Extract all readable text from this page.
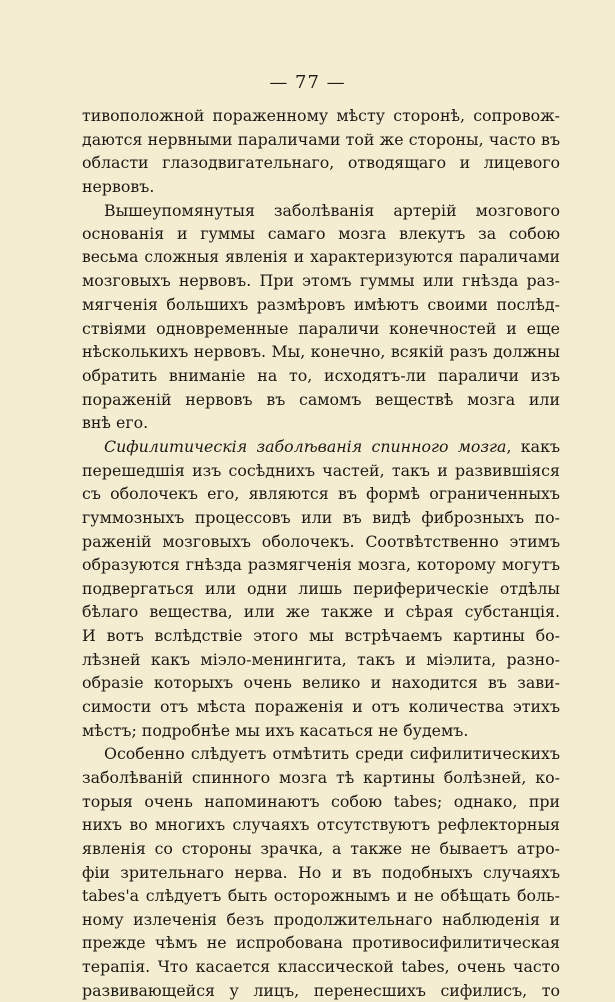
— 77 —
тивоположной пораженному мѣсту сторонѣ, сопровож-
даются нервными параличами той же стороны, часто въ
области глазодвигательнаго, отводящаго и лицевого
нервовъ.
Вышеупомянутыя заболѣванія артерій мозгового
основанія и гуммы самаго мозга влекутъ за собою
весьма сложныя явленія и характеризуются параличами
мозговыхъ нервовъ. При этомъ гуммы или гнѣзда раз-
мягченія большихъ размѣровъ имѣютъ своими послѣд-
ствіями одновременные параличи конечностей и еще
нѣсколькихъ нервовъ. Мы, конечно, всякій разъ должны
обратить вниманіе на то, исходятъ-ли параличи изъ
пораженій нервовъ въ самомъ веществѣ мозга или
внѣ его.
Сифилитическія заболѣванія спинного мозга, какъ
перешедшія изъ сосѣднихъ частей, такъ и развившіяся
съ оболочекъ его, являются въ формѣ ограниченныхъ
гуммозныхъ процессовъ или въ видѣ фиброзныхъ по-
раженій мозговыхъ оболочекъ. Соотвѣтственно этимъ
образуются гнѣзда размягченія мозга, которому могутъ
подвергаться или одни лишь периферическіе отдѣлы
бѣлаго вещества, или же также и сѣрая субстанція.
И вотъ вслѣдствіе этого мы встрѣчаемъ картины бо-
лѣзней какъ міэло-менингита, такъ и міэлита, разно-
образіе которыхъ очень велико и находится въ зави-
симости отъ мѣста пораженія и отъ количества этихъ
мѣстъ; подробнѣе мы ихъ касаться не будемъ.
Особенно слѣдуетъ отмѣтить среди сифилитическихъ
заболѣваній спинного мозга тѣ картины болѣзней, ко-
торыя очень напоминаютъ собою tabes; однако, при
нихъ во многихъ случаяхъ отсутствуютъ рефлекторныя
явленія со стороны зрачка, а также не бываетъ атро-
фіи зрительнаго нерва. Но и въ подобныхъ случаяхъ
tabes'а слѣдуетъ быть осторожнымъ и не обѣщать боль-
ному излеченія безъ продолжительнаго наблюденія и
прежде чѣмъ не испробована противосифилитическая
терапія. Что касается классической tabes, очень часто
развивающейся у лицъ, перенесшихъ сифилисъ, то
